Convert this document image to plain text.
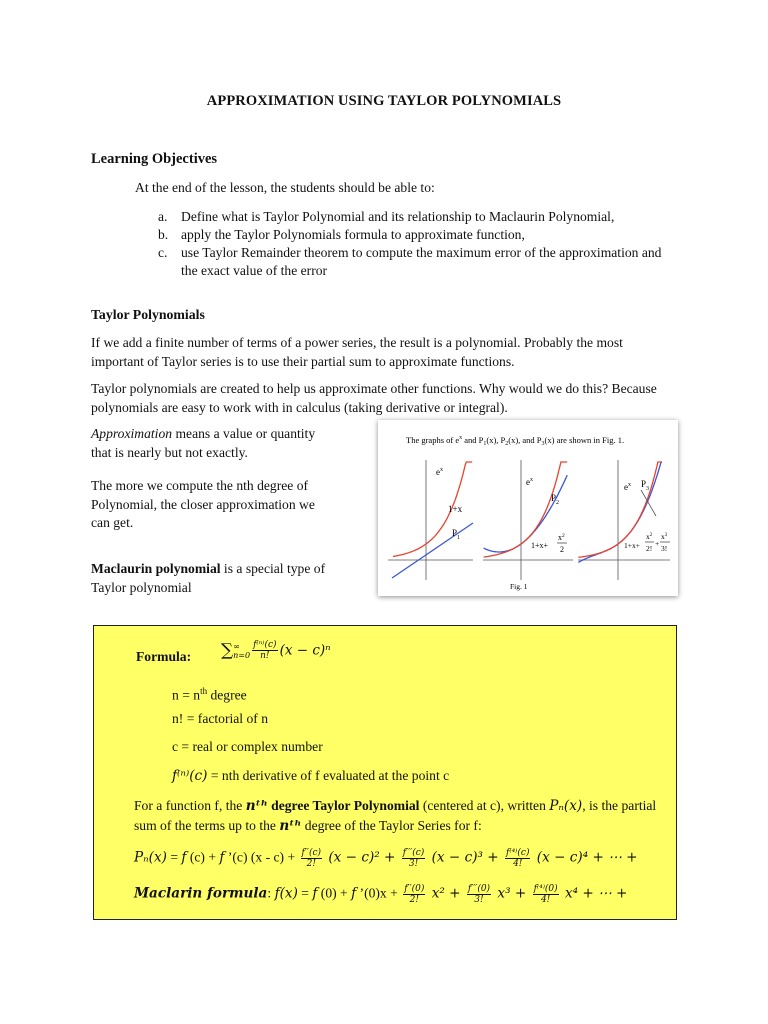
APPROXIMATION USING TAYLOR POLYNOMIALS
Learning Objectives
At the end of the lesson, the students should be able to:
a. Define what is Taylor Polynomial and its relationship to Maclaurin Polynomial,
b. apply the Taylor Polynomials formula to approximate function,
c. use Taylor Remainder theorem to compute the maximum error of the approximation and
the exact value of the error
Taylor Polynomials
If we add a finite number of terms of a power series, the result is a polynomial. Probably the most
important of Taylor series is to use their partial sum to approximate functions.
Taylor polynomials are created to help us approximate other functions. Why would we do this? Because
polynomials are easy to work with in calculus (taking derivative or integral).
Approximation means a value or quantity
that is nearly but not exactly.
The more we compute the nth degree of
Polynomial, the closer approximation we
can get.
Maclaurin polynomial is a special type of
Taylor polynomial
The graphs of $e^x$ and $P_1(x)$, $P_2(x)$, and $P_3(x)$ are shown in Fig. 1.
$e^x$
1+x
$P_1$
$e^x$
$P_2$
1+x+
$x^2$
2
$e^x$ $P_3$
1+x+
$x^2$
2!
+
$x^3$
3!
Fig. 1
Formula: ∑ ∞
$n=0 \frac{\text{f⁽ⁿ⁾(c)}}{n!} (x - c)^n$
$n = n^{th}$ degree
n! = factorial of n
c = real or complex number
f⁽ⁿ⁾(c) = nth derivative of f evaluated at the point c
For a function f, the nᵗʰ degree Taylor Polynomial (centered at c), written Pₙ(x), is the partial
sum of the terms up to the nᵗʰ degree of the Taylor Series for f:
Pₙ(x) = f (c) + f ’(c) $(x - c) + \frac{f''(c)}{2!} (x - c)^2 + \frac{f'''(c)}{3!} (x - c)^3 + \frac{\text{f⁽⁴⁾(c)}}{4!} (x - c)^4$ + ⋯ +
Maclarin formula: f(x) = f (0) + f ’(0)x + $\frac{f''(0)}{2!} x^2 + \frac{f'''(0)}{3!} x^3 + \frac{\text{f⁽⁴⁾(0)}}{4!} x^4$ + ⋯ +
